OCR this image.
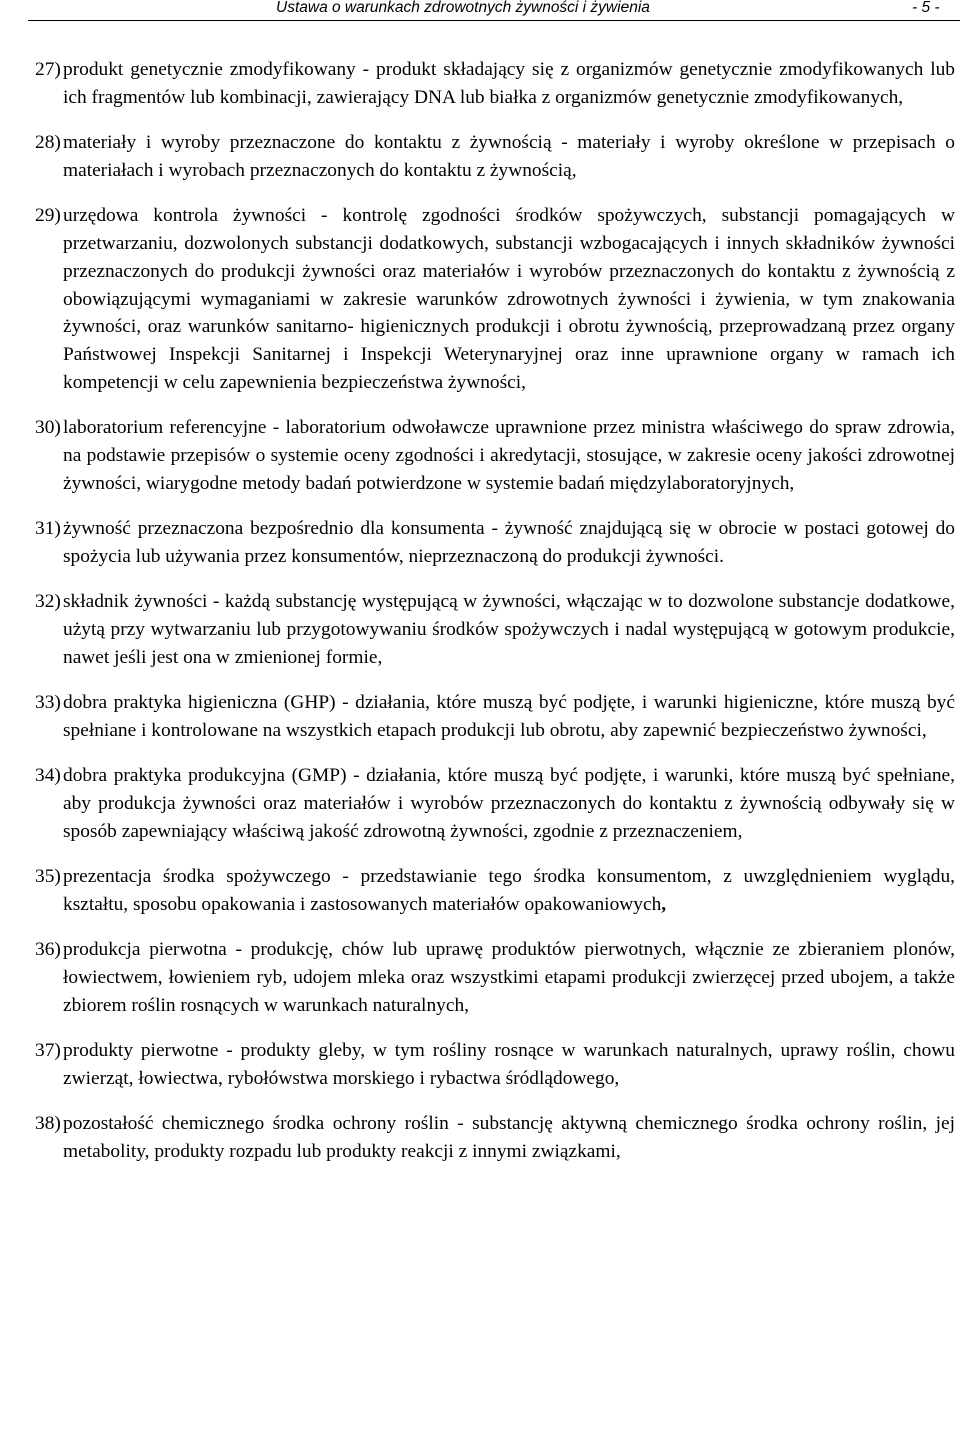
Ustawa o warunkach zdrowotnych żywności i żywienia	- 5 -
27) produkt genetycznie zmodyfikowany - produkt składający się z organizmów genetycznie zmodyfikowanych lub ich fragmentów lub kombinacji, zawierający DNA lub białka z organizmów genetycznie zmodyfikowanych,
28) materiały i wyroby przeznaczone do kontaktu z żywnością - materiały i wyroby określone w przepisach o materiałach i wyrobach przeznaczonych do kontaktu z żywnością,
29) urzędowa kontrola żywności - kontrolę zgodności środków spożywczych, substancji pomagających w przetwarzaniu, dozwolonych substancji dodatkowych, substancji wzbogacających i innych składników żywności przeznaczonych do produkcji żywności oraz materiałów i wyrobów przeznaczonych do kontaktu z żywnością z obowiązującymi wymaganiami w zakresie warunków zdrowotnych żywności i żywienia, w tym znakowania żywności, oraz warunków sanitarno- higienicznych produkcji i obrotu żywnością, przeprowadzaną przez organy Państwowej Inspekcji Sanitarnej i Inspekcji Weterynaryjnej oraz inne uprawnione organy w ramach ich kompetencji w celu zapewnienia bezpieczeństwa żywności,
30) laboratorium referencyjne - laboratorium odwoławcze uprawnione przez ministra właściwego do spraw zdrowia, na podstawie przepisów o systemie oceny zgodności i akredytacji, stosujące, w zakresie oceny jakości zdrowotnej żywności, wiarygodne metody badań potwierdzone w systemie badań międzylaboratoryjnych,
31) żywność przeznaczona bezpośrednio dla konsumenta - żywność znajdującą się w obrocie w postaci gotowej do spożycia lub używania przez konsumentów, nieprzeznaczoną do produkcji żywności.
32) składnik żywności - każdą substancję występującą w żywności, włączając w to dozwolone substancje dodatkowe, użytą przy wytwarzaniu lub przygotowywaniu środków spożywczych i nadal występującą w gotowym produkcie, nawet jeśli jest ona w zmienionej formie,
33) dobra praktyka higieniczna (GHP) - działania, które muszą być podjęte, i warunki higieniczne, które muszą być spełniane i kontrolowane na wszystkich etapach produkcji lub obrotu, aby zapewnić bezpieczeństwo żywności,
34) dobra praktyka produkcyjna (GMP) - działania, które muszą być podjęte, i warunki, które muszą być spełniane, aby produkcja żywności oraz materiałów i wyrobów przeznaczonych do kontaktu z żywnością odbywały się w sposób zapewniający właściwą jakość zdrowotną żywności, zgodnie z przeznaczeniem,
35) prezentacja środka spożywczego - przedstawianie tego środka konsumentom, z uwzględnieniem wyglądu, kształtu, sposobu opakowania i zastosowanych materiałów opakowaniowych,
36) produkcja pierwotna - produkcję, chów lub uprawę produktów pierwotnych, włącznie ze zbieraniem plonów, łowiectwem, łowieniem ryb, udojem mleka oraz wszystkimi etapami produkcji zwierzęcej przed ubojem, a także zbiorem roślin rosnących w warunkach naturalnych,
37) produkty pierwotne - produkty gleby, w tym rośliny rosnące w warunkach naturalnych, uprawy roślin, chowu zwierząt, łowiectwa, rybołówstwa morskiego i rybactwa śródlądowego,
38) pozostałość chemicznego środka ochrony roślin - substancję aktywną chemicznego środka ochrony roślin, jej metabolity, produkty rozpadu lub produkty reakcji z innymi związkami,
